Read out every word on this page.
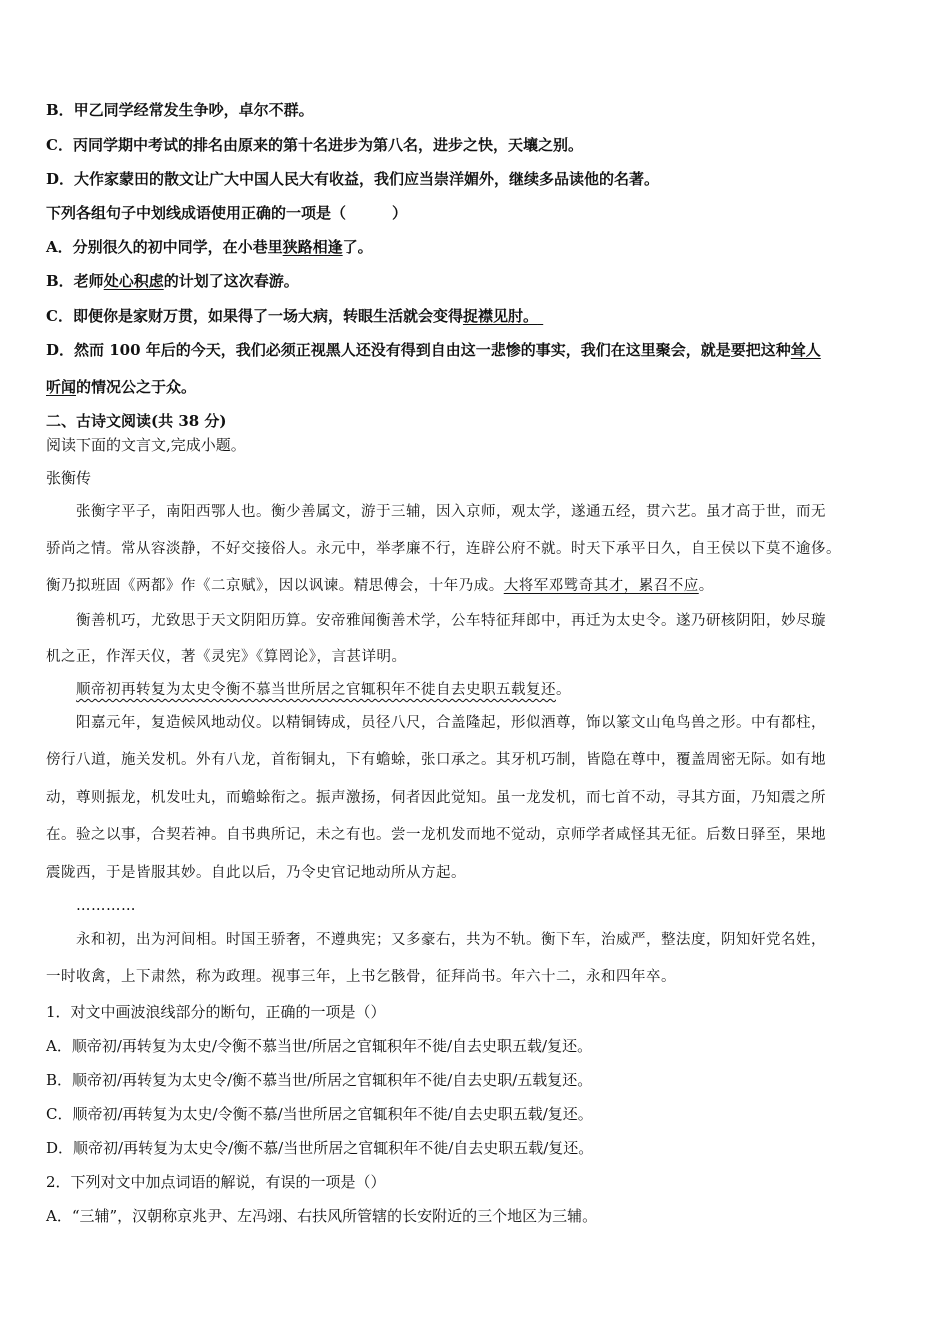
B．甲乙同学经常发生争吵，卓尔不群。
C．丙同学期中考试的排名由原来的第十名进步为第八名，进步之快，天壤之别。
D．大作家蒙田的散文让广大中国人民大有收益，我们应当崇洋媚外，继续多品读他的名著。
下列各组句子中划线成语使用正确的一项是（	）
A．分别很久的初中同学，在小巷里狭路相逢了。
B．老师处心积虑的计划了这次春游。
C．即便你是家财万贯，如果得了一场大病，转眼生活就会变得捉襟见肘。
D．然而 100 年后的今天，我们必须正视黑人还没有得到自由这一悲惨的事实，我们在这里聚会，就是要把这种耸人
听闻的情况公之于众。
二、古诗文阅读(共 38 分)
阅读下面的文言文,完成小题。
张衡传
张衡字平子，南阳西鄂人也。衡少善属文，游于三辅，因入京师，观太学，遂通五经，贯六艺。虽才高于世，而无
骄尚之情。常从容淡静，不好交接俗人。永元中，举孝廉不行，连辟公府不就。时天下承平日久，自王侯以下莫不逾侈。
衡乃拟班固《两都》作《二京赋》，因以讽谏。精思傅会，十年乃成。大将军邓骘奇其才，累召不应。
衡善机巧，尤致思于天文阴阳历算。安帝雅闻衡善术学，公车特征拜郎中，再迁为太史令。遂乃研核阴阳，妙尽璇
机之正，作浑天仪，著《灵宪》《算罔论》，言甚详明。
顺帝初再转复为太史令衡不慕当世所居之官辄积年不徙自去史职五载复还。
阳嘉元年，复造候风地动仪。以精铜铸成，员径八尺，合盖隆起，形似酒尊，饰以篆文山龟鸟兽之形。中有都柱，
傍行八道，施关发机。外有八龙，首衔铜丸，下有蟾蜍，张口承之。其牙机巧制，皆隐在尊中，覆盖周密无际。如有地
动，尊则振龙，机发吐丸，而蟾蜍衔之。振声激扬，伺者因此觉知。虽一龙发机，而七首不动，寻其方面，乃知震之所
在。验之以事，合契若神。自书典所记，未之有也。尝一龙机发而地不觉动，京师学者咸怪其无征。后数日驿至，果地
震陇西，于是皆服其妙。自此以后，乃令史官记地动所从方起。
…………
永和初，出为河间相。时国王骄奢，不遵典宪；又多豪右，共为不轨。衡下车，治威严，整法度，阴知奸党名姓，
一时收禽，上下肃然，称为政理。视事三年，上书乞骸骨，征拜尚书。年六十二，永和四年卒。
1．对文中画波浪线部分的断句，正确的一项是（）
A．顺帝初/再转复为太史/令衡不慕当世/所居之官辄积年不徙/自去史职五载/复还。
B．顺帝初/再转复为太史令/衡不慕当世/所居之官辄积年不徙/自去史职/五载复还。
C．顺帝初/再转复为太史/令衡不慕/当世所居之官辄积年不徙/自去史职五载/复还。
D．顺帝初/再转复为太史令/衡不慕/当世所居之官辄积年不徙/自去史职五载/复还。
2．下列对文中加点词语的解说，有误的一项是（）
A．“三辅”，汉朝称京兆尹、左冯翊、右扶风所管辖的长安附近的三个地区为三辅。
